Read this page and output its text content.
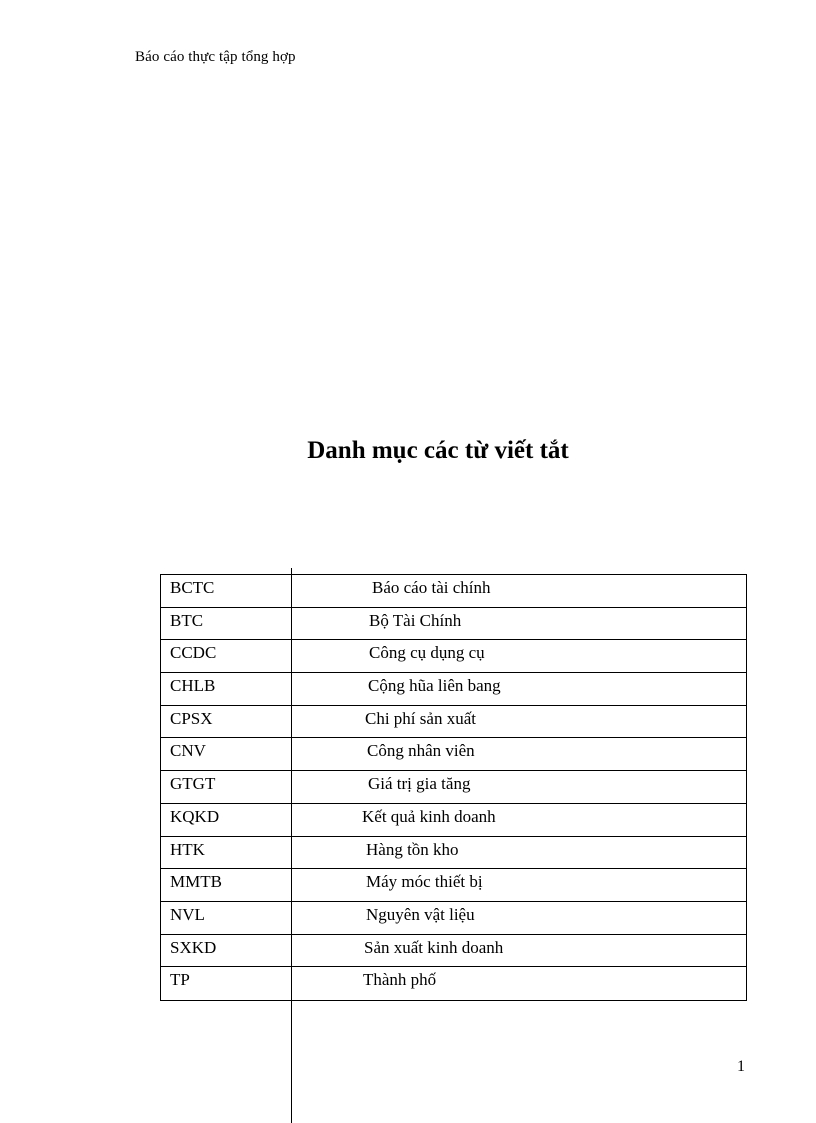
Báo cáo thực tập tổng hợp
Danh mục các từ viết tắt
BCTC	Báo cáo tài chính
BTC	Bộ Tài Chính
CCDC	Công cụ dụng cụ
CHLB	Cộng hũa liên bang
CPSX	Chi phí sản xuất
CNV	Công nhân viên
GTGT	Giá trị gia tăng
KQKD	Kết quả kinh doanh
HTK	Hàng tồn kho
MMTB	Máy móc thiết bị
NVL	Nguyên vật liệu
SXKD	Sản xuất kinh doanh
TP	Thành phố
1
